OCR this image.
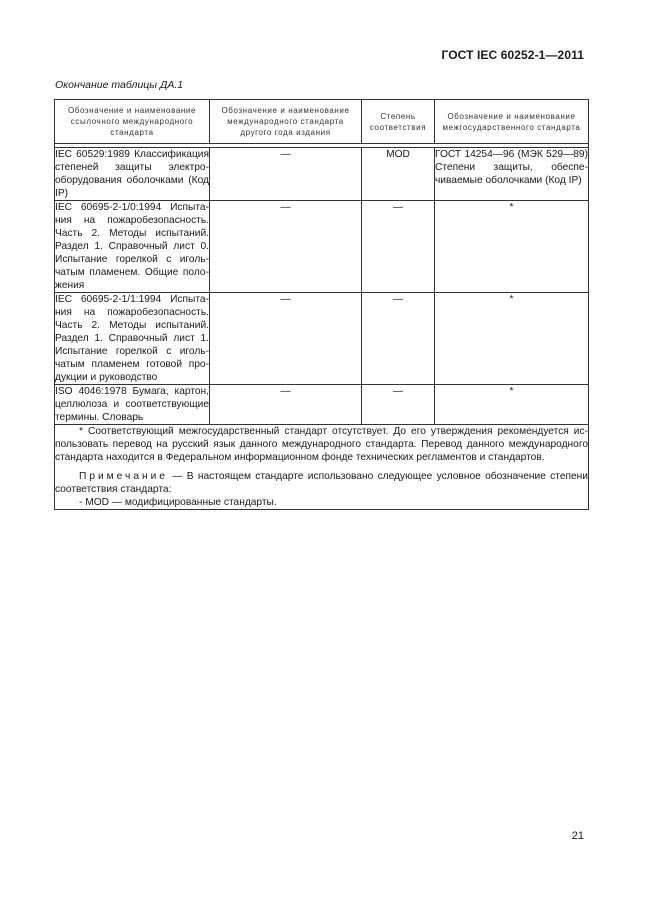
ГОСТ IEC 60252-1—2011
Окончание таблицы ДА.1
Обозначение и наименование ссылочного международного стандарта	Обозначение и наименование международного стандарта другого года издания	Степень соответствия	Обозначение и наименование межгосударственного стандарта

IEC 60529:1989 Классификация степеней защиты электрооборудования оболочками (Код IP)	—	MOD	ГОСТ 14254—96 (МЭК 529—89) Степени защиты, обеспечиваемые оболочками (Код IP)
IEC 60695-2-1/0:1994 Испытания на пожаробезопасность. Часть 2. Методы испытаний. Раздел 1. Справочный лист 0. Испытание горелкой с игольчатым пламенем. Общие положения	—	—	*
IEC 60695-2-1/1:1994 Испытания на пожаробезопасность. Часть 2. Методы испытаний. Раздел 1. Справочный лист 1. Испытание горелкой с игольчатым пламенем готовой продукции и руководство	—	—	*
ISO 4046:1978 Бумага, картон, целлюлоза и соответствующие термины. Словарь	—	—	*

* Соответствующий межгосударственный стандарт отсутствует. До его утверждения рекомендуется использовать перевод на русский язык данного международного стандарта. Перевод данного международного стандарта находится в Федеральном информационном фонде технических регламентов и стандартов.

Примечание — В настоящем стандарте использовано следующее условное обозначение степени соответствия стандарта:

- MOD — модифицированные стандарты.			

21
